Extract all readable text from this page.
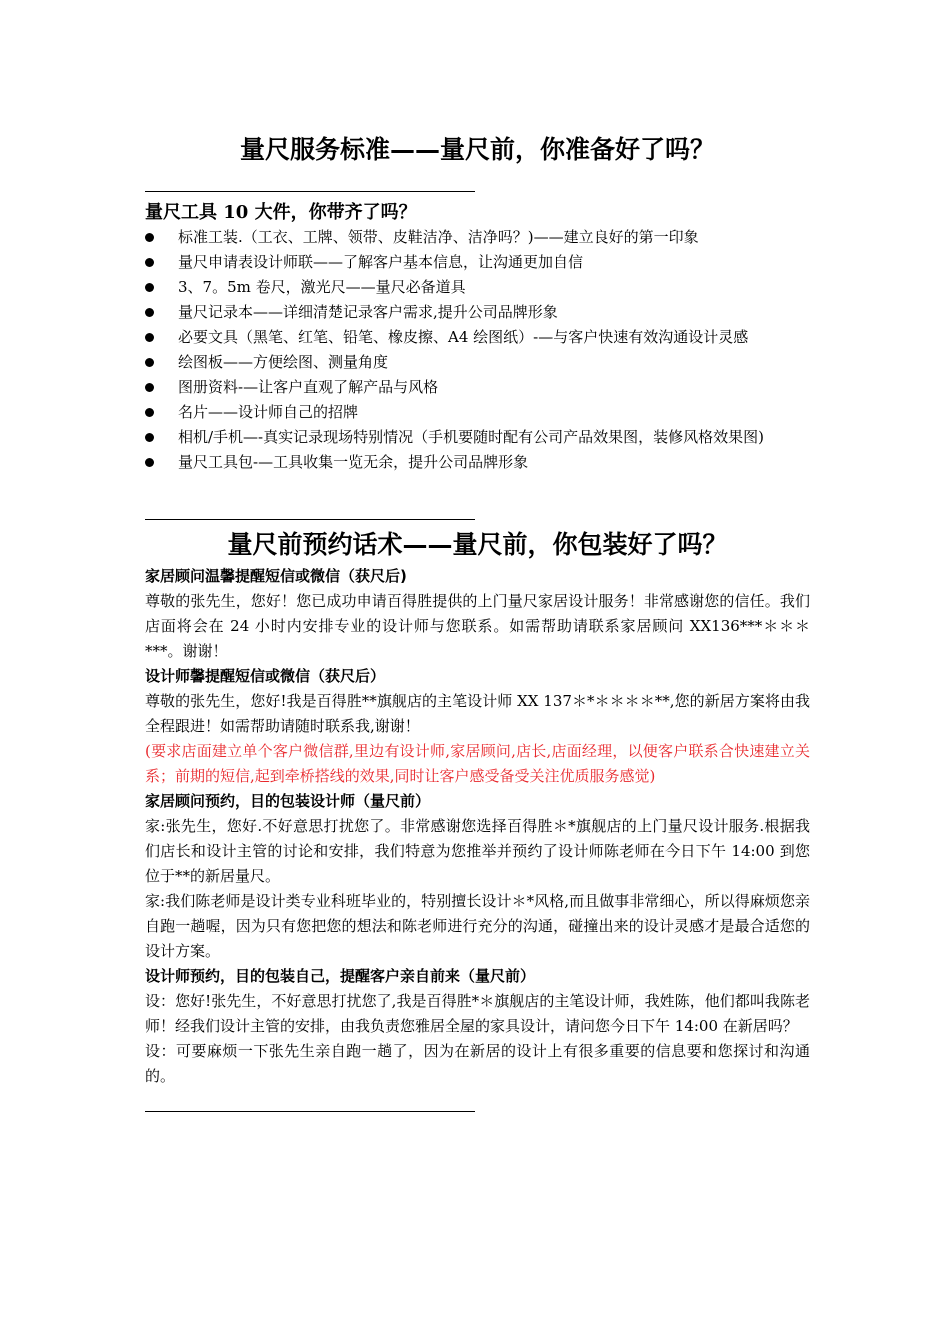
量尺服务标准——量尺前，你准备好了吗？
量尺工具 10 大件，你带齐了吗？
标准工装.（工衣、工牌、领带、皮鞋洁净、洁净吗？)——建立良好的第一印象
量尺申请表设计师联——了解客户基本信息，让沟通更加自信
3、7。5m 卷尺，激光尺——量尺必备道具
量尺记录本——详细清楚记录客户需求,提升公司品牌形象
必要文具（黑笔、红笔、铅笔、橡皮擦、A4 绘图纸）-—与客户快速有效沟通设计灵感
绘图板——方便绘图、测量角度
图册资料-—让客户直观了解产品与风格
名片——设计师自己的招牌
相机/手机—-真实记录现场特别情况（手机要随时配有公司产品效果图，装修风格效果图)
量尺工具包-—工具收集一览无余，提升公司品牌形象
量尺前预约话术——量尺前，你包装好了吗？
家居顾问温馨提醒短信或微信（获尺后)

尊敬的张先生，您好！您已成功申请百得胜提供的上门量尺家居设计服务！非常感谢您的信任。我们店面将会在 24 小时内安排专业的设计师与您联系。如需帮助请联系家居顾问 XX136***＊＊＊***。谢谢！

设计师馨提醒短信或微信（获尺后）

尊敬的张先生，您好!我是百得胜**旗舰店的主笔设计师 XX 137＊*＊＊＊＊**,您的新居方案将由我全程跟进！如需帮助请随时联系我,谢谢！

(要求店面建立单个客户微信群,里边有设计师,家居顾问,店长,店面经理，以便客户联系合快速建立关系；前期的短信,起到牵桥搭线的效果,同时让客户感受备受关注优质服务感觉)

家居顾问预约，目的包装设计师（量尺前）

家:张先生，您好.不好意思打扰您了。非常感谢您选择百得胜＊*旗舰店的上门量尺设计服务.根据我们店长和设计主管的讨论和安排，我们特意为您推举并预约了设计师陈老师在今日下午 14:00 到您位于**的新居量尺。

家:我们陈老师是设计类专业科班毕业的，特别擅长设计＊*风格,而且做事非常细心，所以得麻烦您亲自跑一趟喔，因为只有您把您的想法和陈老师进行充分的沟通，碰撞出来的设计灵感才是最合适您的设计方案。

设计师预约，目的包装自己，提醒客户亲自前来（量尺前）

设：您好!张先生，不好意思打扰您了,我是百得胜*＊旗舰店的主笔设计师，我姓陈，他们都叫我陈老师！经我们设计主管的安排，由我负责您雅居全屋的家具设计，请问您今日下午 14:00 在新居吗？

设：可要麻烦一下张先生亲自跑一趟了，因为在新居的设计上有很多重要的信息要和您探讨和沟通的。
